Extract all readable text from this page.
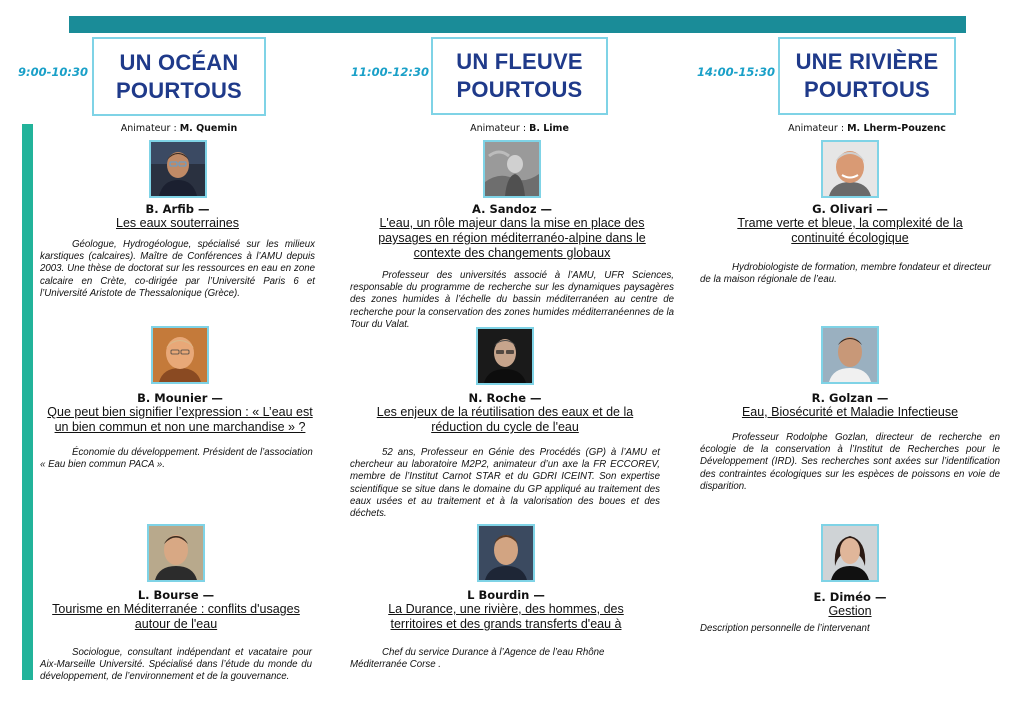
9:00-10:30 UN OCÉAN
POURTOUS
Animateur : M. Quemin
B. Arfib —
Les eaux souterraines
Géologue, Hydrogéologue, spécialisé sur les milieux karstiques (calcaires). Maître de Conférences à l’AMU depuis 2003. Une thèse de doctorat sur les ressources en eau en zone calcaire en Crète, co-dirigée par l’Université Paris 6 et l’Université Aristote de Thessalonique (Grèce).
B. Mounier —
Que peut bien signifier l’expression : « L’eau est un bien commun et non une marchandise » ?
Économie du développement. Président de l’association « Eau bien commun PACA ».
L. Bourse —
Tourisme en Méditerranée : conflits d'usages autour de l'eau
Sociologue, consultant indépendant et vacataire pour Aix-Marseille Université. Spécialisé dans l’étude du monde du développement, de l’environnement et de la gouvernance.
11:00-12:30 UN FLEUVE
POURTOUS
Animateur : B. Lime
A. Sandoz —
L'eau, un rôle majeur dans la mise en place des paysages en région méditerranéo-alpine dans le contexte des changements globaux
Professeur des universités associé à l’AMU, UFR Sciences, responsable du programme de recherche sur les dynamiques paysagères des zones humides à l’échelle du bassin méditerranéen au centre de recherche pour la conservation des zones humides méditerranéennes de la Tour du Valat.
N. Roche —
Les enjeux de la réutilisation des eaux et de la réduction du cycle de l'eau
52 ans, Professeur en Génie des Procédés (GP) à l’AMU et chercheur au laboratoire M2P2, animateur d’un axe la FR ECCOREV, membre de l’Institut Carnot STAR et du GDRI ICEINT. Son expertise scientifique se situe dans le domaine du GP appliqué au traitement des eaux usées et au traitement et à la valorisation des boues et des déchets.
L Bourdin —
La Durance, une rivière, des hommes, des territoires et des grands transferts d'eau à
Chef du service Durance à l’Agence de l’eau Rhône Méditerranée Corse .
14:00-15:30 UNE RIVIÈRE
POURTOUS
Animateur : M. Lherm-Pouzenc
G. Olivari —
Trame verte et bleue, la complexité de la continuité écologique
Hydrobiologiste de formation, membre fondateur et directeur de la maison régionale de l’eau.
R. Golzan —
Eau, Biosécurité et Maladie Infectieuse
Professeur Rodolphe Gozlan, directeur de recherche en écologie de la conservation à l’Institut de Recherches pour le Développement (IRD). Ses recherches sont axées sur l’identification des contraintes écologiques sur les espèces de poissons en voie de disparition.
E. Diméo —
Gestion
Description personnelle de l’intervenant
